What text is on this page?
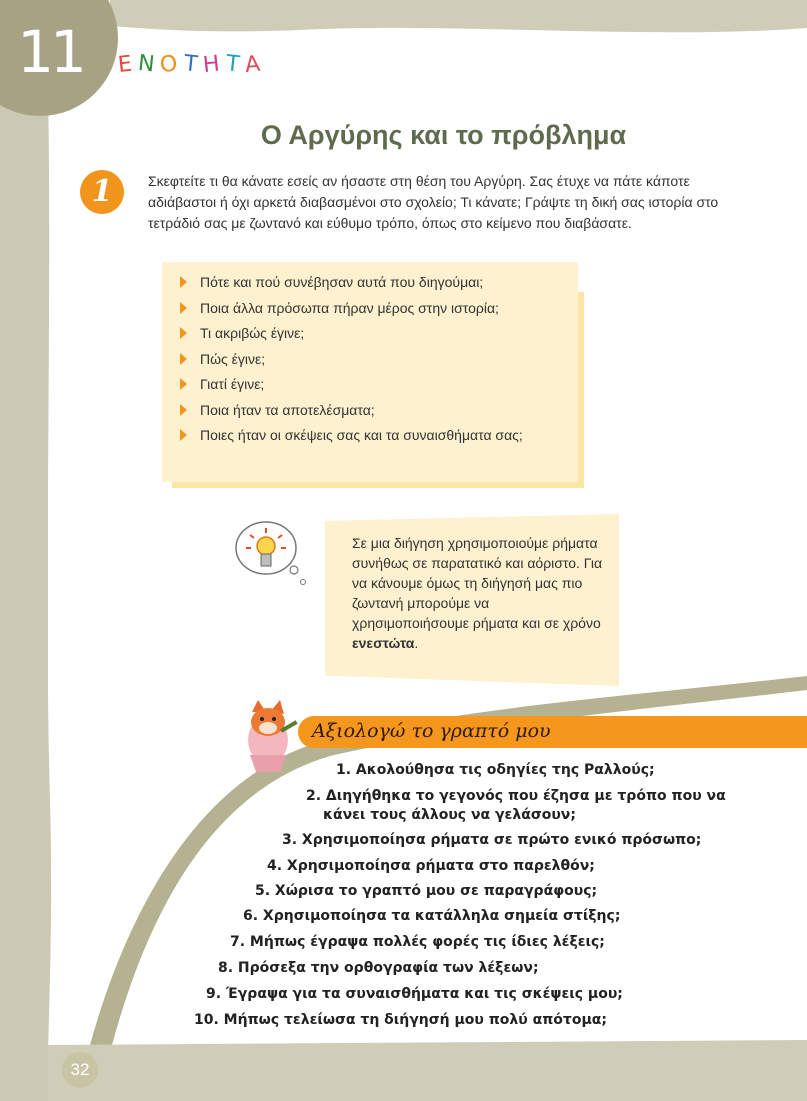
11	ΕΝΟΤΗΤΑ
Ο Αργύρης και το πρόβλημα
1	Σκεφτείτε τι θα κάνατε εσείς αν ήσαστε στη θέση του Αργύρη. Σας έτυχε να πάτε κάποτε αδιάβαστοι ή όχι αρκετά διαβασμένοι στο σχολείο; Τι κάνατε; Γράψτε τη δική σας ιστορία στο τετράδιό σας με ζωντανό και εύθυμο τρόπο, όπως στο κείμενο που διαβάσατε.
Πότε και πού συνέβησαν αυτά που διηγούμαι;
Ποια άλλα πρόσωπα πήραν μέρος στην ιστορία;
Τι ακριβώς έγινε;
Πώς έγινε;
Γιατί έγινε;
Ποια ήταν τα αποτελέσματα;
Ποιες ήταν οι σκέψεις σας και τα συναισθήματα σας;
Σε μια διήγηση χρησιμοποιούμε ρήματα συνήθως σε παρατατικό και αόριστο. Για να κάνουμε όμως τη διήγησή μας πιο ζωντανή μπορούμε να χρησιμοποιήσουμε ρήματα και σε χρόνο ενεστώτα.
Αξιολογώ το γραπτό μου
1. Ακολούθησα τις οδηγίες της Ραλλούς;
2. Διηγήθηκα το γεγονός που έζησα με τρόπο που να
κάνει τους άλλους να γελάσουν;
3. Χρησιμοποίησα ρήματα σε πρώτο ενικό πρόσωπο;
4. Χρησιμοποίησα ρήματα στο παρελθόν;
5. Χώρισα το γραπτό μου σε παραγράφους;
6. Χρησιμοποίησα τα κατάλληλα σημεία στίξης;
7. Μήπως έγραψα πολλές φορές τις ίδιες λέξεις;
8. Πρόσεξα την ορθογραφία των λέξεων;
9. Έγραψα για τα συναισθήματα και τις σκέψεις μου;
10. Μήπως τελείωσα τη διήγησή μου πολύ απότομα;
32
